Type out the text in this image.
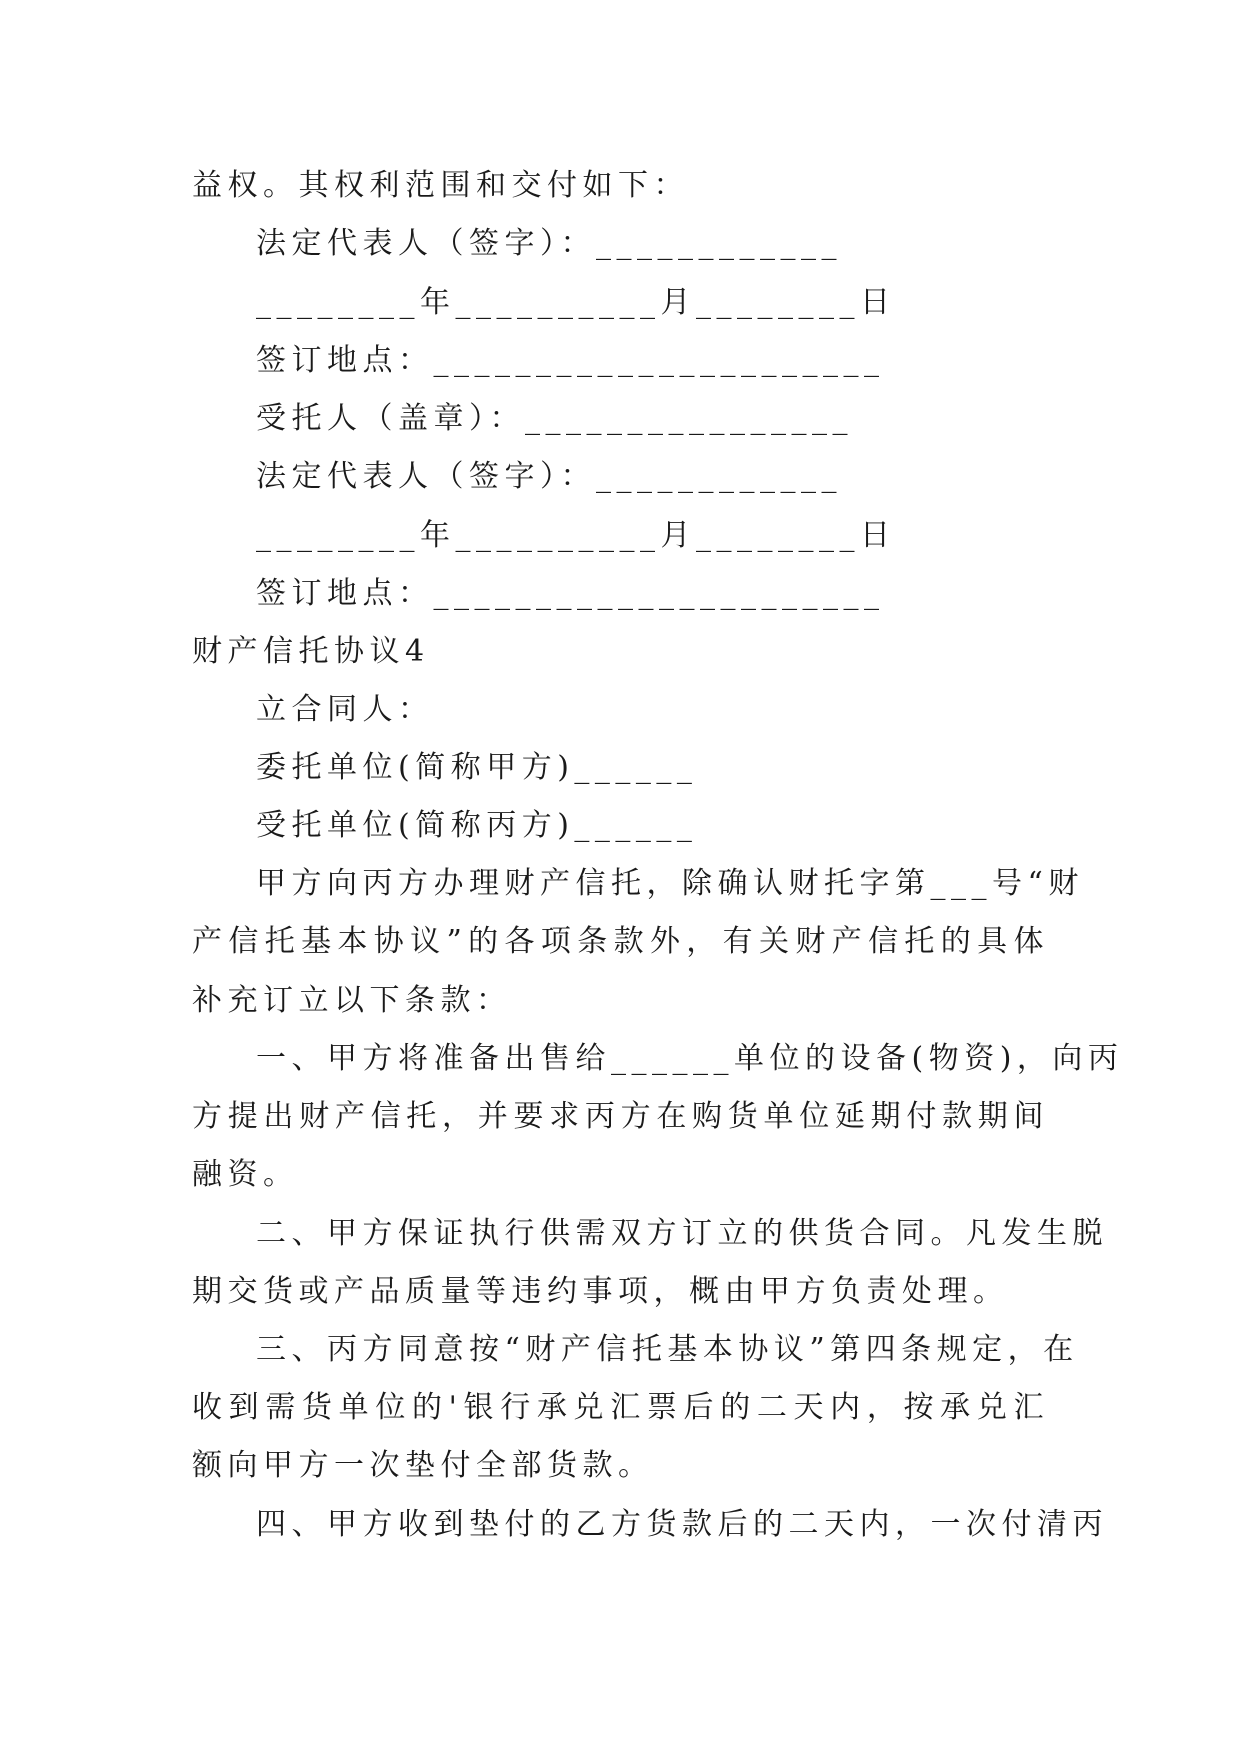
益权。其权利范围和交付如下：

法定代表人（签字）：____________

________年__________月________日

签订地点：______________________

受托人（盖章）：________________

法定代表人（签字）：____________

________年__________月________日

签订地点：______________________

财产信托协议4

立合同人：

委托单位(简称甲方)______

受托单位(简称丙方)______

甲方向丙方办理财产信托，除确认财托字第___号“财

产信托基本协议”的各项条款外，有关财产信托的具体

补充订立以下条款：

一、甲方将准备出售给______单位的设备(物资)，向丙

方提出财产信托，并要求丙方在购货单位延期付款期间

融资。

二、甲方保证执行供需双方订立的供货合同。凡发生脱

期交货或产品质量等违约事项，概由甲方负责处理。

三、丙方同意按“财产信托基本协议”第四条规定，在

收到需货单位的'银行承兑汇票后的二天内，按承兑汇

额向甲方一次垫付全部货款。

四、甲方收到垫付的乙方货款后的二天内，一次付清丙
